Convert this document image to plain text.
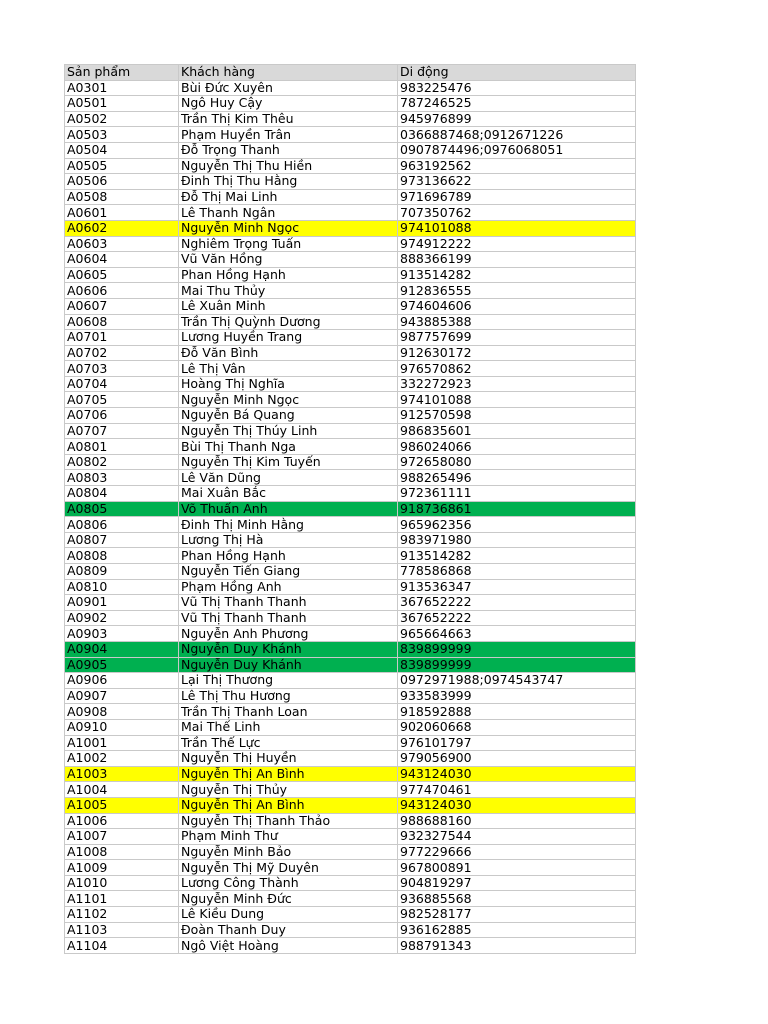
Sản phẩm	Khách hàng	Di động
A0301	Bùi Đức Xuyên	983225476
A0501	Ngô Huy Cậy	787246525
A0502	Trần Thị Kim Thêu	945976899
A0503	Phạm Huyền Trân	0366887468;0912671226
A0504	Đỗ Trọng Thanh	0907874496;0976068051
A0505	Nguyễn Thị Thu Hiền	963192562
A0506	Đinh Thị Thu Hằng	973136622
A0508	Đỗ Thị Mai Linh	971696789
A0601	Lê Thanh Ngân	707350762
A0602	Nguyễn Minh Ngọc	974101088
A0603	Nghiêm Trọng Tuấn	974912222
A0604	Vũ Văn Hồng	888366199
A0605	Phan Hồng Hạnh	913514282
A0606	Mai Thu Thủy	912836555
A0607	Lê Xuân Minh	974604606
A0608	Trần Thị Quỳnh Dương	943885388
A0701	Lương Huyền Trang	987757699
A0702	Đỗ Văn Bình	912630172
A0703	Lê Thị Vân	976570862
A0704	Hoàng Thị Nghĩa	332272923
A0705	Nguyễn Minh Ngọc	974101088
A0706	Nguyễn Bá Quang	912570598
A0707	Nguyễn Thị Thúy Linh	986835601
A0801	Bùi Thị Thanh Nga	986024066
A0802	Nguyễn Thị Kim Tuyến	972658080
A0803	Lê Văn Dũng	988265496
A0804	Mai Xuân Bắc	972361111
A0805	Võ Thuấn Anh	918736861
A0806	Đinh Thị Minh Hằng	965962356
A0807	Lương Thị Hà	983971980
A0808	Phan Hồng Hạnh	913514282
A0809	Nguyễn Tiến Giang	778586868
A0810	Phạm Hồng Anh	913536347
A0901	Vũ Thị Thanh Thanh	367652222
A0902	Vũ Thị Thanh Thanh	367652222
A0903	Nguyễn Anh Phương	965664663
A0904	Nguyễn Duy Khánh	839899999
A0905	Nguyễn Duy Khánh	839899999
A0906	Lại Thị Thương	0972971988;0974543747
A0907	Lê Thị Thu Hương	933583999
A0908	Trần Thị Thanh Loan	918592888
A0910	Mai Thế Linh	902060668
A1001	Trần Thế Lực	976101797
A1002	Nguyễn Thị Huyền	979056900
A1003	Nguyễn Thị An Bình	943124030
A1004	Nguyễn Thị Thủy	977470461
A1005	Nguyễn Thị An Bình	943124030
A1006	Nguyễn Thị Thanh Thảo	988688160
A1007	Phạm Minh Thư	932327544
A1008	Nguyễn Minh Bảo	977229666
A1009	Nguyễn Thị Mỹ Duyên	967800891
A1010	Lương Công Thành	904819297
A1101	Nguyễn Minh Đức	936885568
A1102	Lê Kiều Dung	982528177
A1103	Đoàn Thanh Duy	936162885
A1104	Ngô Việt Hoàng	988791343
